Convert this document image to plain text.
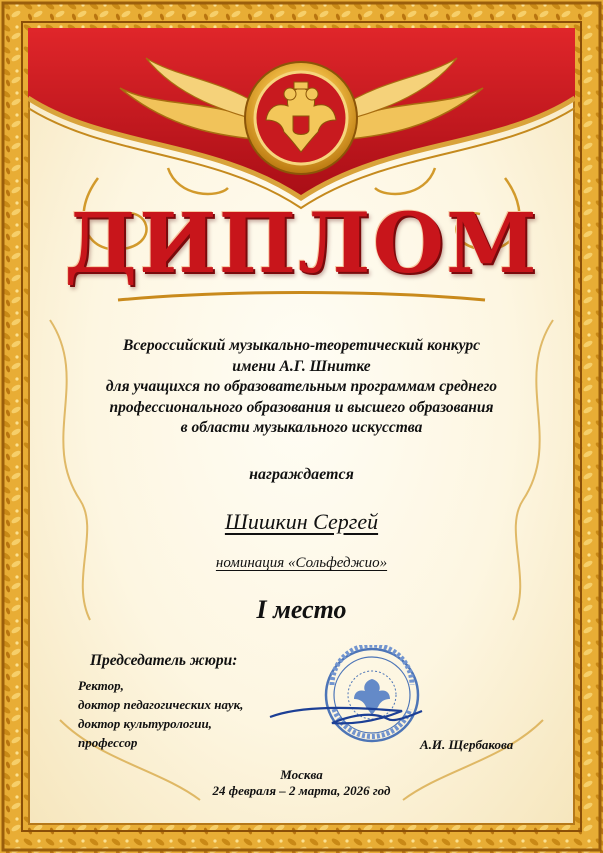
ДИПЛОМ
Всероссийский музыкально-теоретический конкурс
имени А.Г. Шнитке
для учащихся по образовательным программам среднего
профессионального образования и высшего образования
в области музыкального искусства
награждается
Шишкин Сергей
номинация «Сольфеджио»
I место
Председатель жюри:
Ректор,
доктор педагогических наук,
доктор культурологии,
профессор	А.И. Щербакова
Москва
24 февраля – 2 марта, 2026 год
